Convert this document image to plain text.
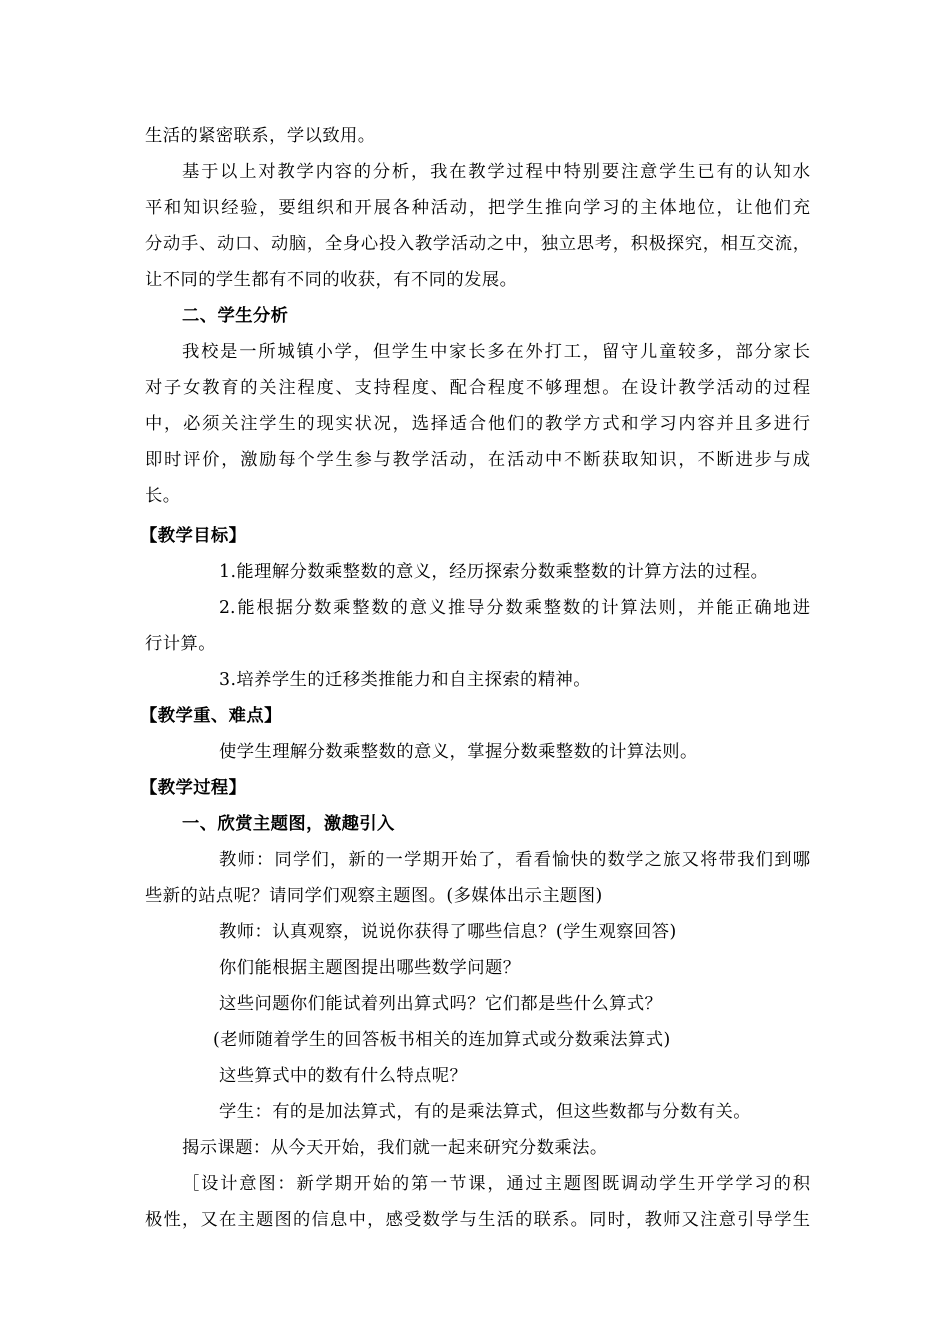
生活的紧密联系，学以致用。
基于以上对教学内容的分析，我在教学过程中特别要注意学生已有的认知水
平和知识经验，要组织和开展各种活动，把学生推向学习的主体地位，让他们充
分动手、动口、动脑，全身心投入教学活动之中，独立思考，积极探究，相互交流，
让不同的学生都有不同的收获，有不同的发展。
二、学生分析
我校是一所城镇小学，但学生中家长多在外打工，留守儿童较多，部分家长
对子女教育的关注程度、支持程度、配合程度不够理想。在设计教学活动的过程
中，必须关注学生的现实状况，选择适合他们的教学方式和学习内容并且多进行
即时评价，激励每个学生参与教学活动，在活动中不断获取知识，不断进步与成
长。
【教学目标】
1.能理解分数乘整数的意义，经历探索分数乘整数的计算方法的过程。
2.能根据分数乘整数的意义推导分数乘整数的计算法则，并能正确地进
行计算。
3.培养学生的迁移类推能力和自主探索的精神。
【教学重、难点】
使学生理解分数乘整数的意义，掌握分数乘整数的计算法则。
【教学过程】
一、欣赏主题图，激趣引入
教师：同学们，新的一学期开始了，看看愉快的数学之旅又将带我们到哪
些新的站点呢？请同学们观察主题图。(多媒体出示主题图)
教师：认真观察，说说你获得了哪些信息？(学生观察回答)
你们能根据主题图提出哪些数学问题？
这些问题你们能试着列出算式吗？它们都是些什么算式？
(老师随着学生的回答板书相关的连加算式或分数乘法算式)
这些算式中的数有什么特点呢？
学生：有的是加法算式，有的是乘法算式，但这些数都与分数有关。
揭示课题：从今天开始，我们就一起来研究分数乘法。
［设计意图：新学期开始的第一节课，通过主题图既调动学生开学学习的积
极性，又在主题图的信息中，感受数学与生活的联系。同时，教师又注意引导学生
